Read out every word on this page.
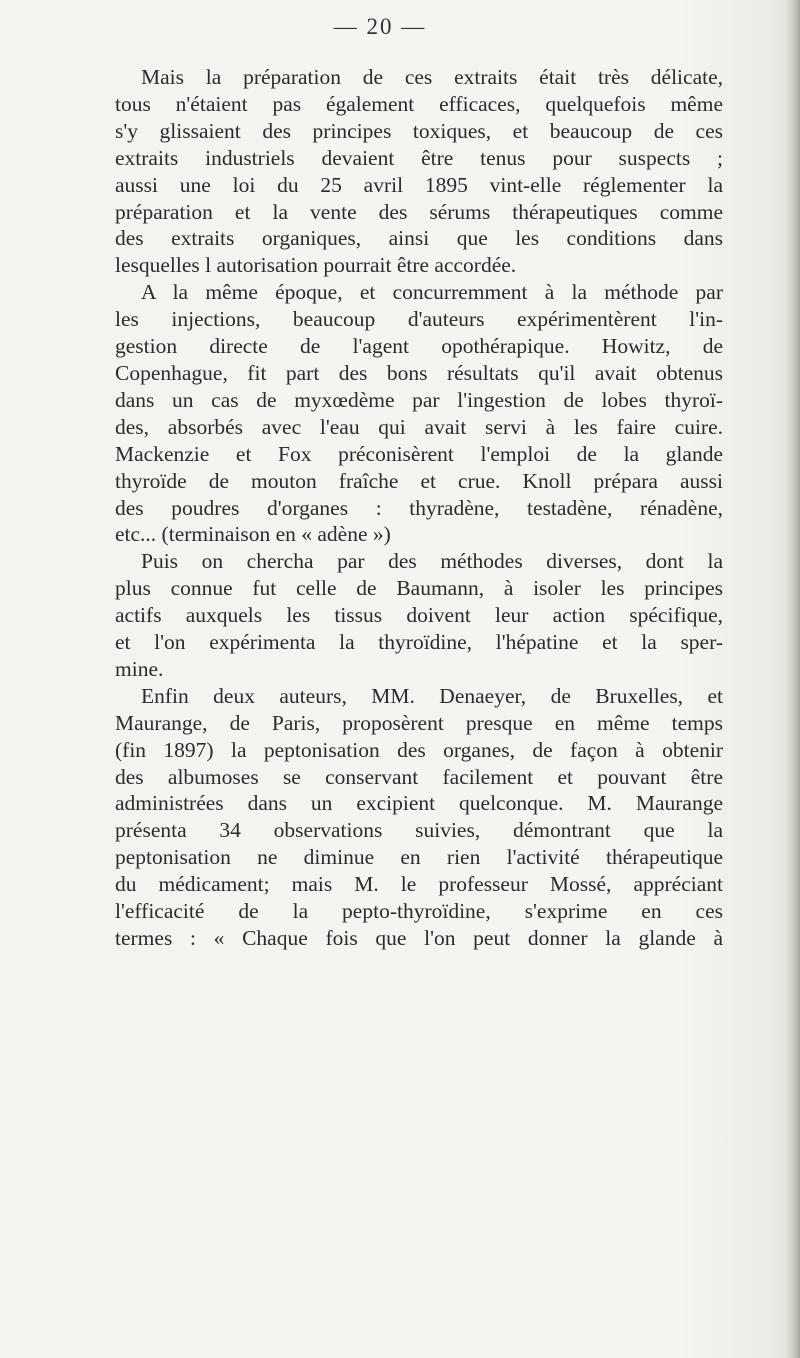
— 20 —
Mais la préparation de ces extraits était très délicate,
tous n'étaient pas également efficaces, quelquefois même
s'y glissaient des principes toxiques, et beaucoup de ces
extraits industriels devaient être tenus pour suspects ;
aussi une loi du 25 avril 1895 vint-elle réglementer la
préparation et la vente des sérums thérapeutiques comme
des extraits organiques, ainsi que les conditions dans
lesquelles l autorisation pourrait être accordée.
A la même époque, et concurremment à la méthode par
les injections, beaucoup d'auteurs expérimentèrent l'in-
gestion directe de l'agent opothérapique. Howitz, de
Copenhague, fit part des bons résultats qu'il avait obtenus
dans un cas de myxœdème par l'ingestion de lobes thyroï-
des, absorbés avec l'eau qui avait servi à les faire cuire.
Mackenzie et Fox préconisèrent l'emploi de la glande
thyroïde de mouton fraîche et crue. Knoll prépara aussi
des poudres d'organes : thyradène, testadène, rénadène,
etc... (terminaison en « adène »)
Puis on chercha par des méthodes diverses, dont la
plus connue fut celle de Baumann, à isoler les principes
actifs auxquels les tissus doivent leur action spécifique,
et l'on expérimenta la thyroïdine, l'hépatine et la sper-
mine.
Enfin deux auteurs, MM. Denaeyer, de Bruxelles, et
Maurange, de Paris, proposèrent presque en même temps
(fin 1897) la peptonisation des organes, de façon à obtenir
des albumoses se conservant facilement et pouvant être
administrées dans un excipient quelconque. M. Maurange
présenta 34 observations suivies, démontrant que la
peptonisation ne diminue en rien l'activité thérapeutique
du médicament; mais M. le professeur Mossé, appréciant
l'efficacité de la pepto-thyroïdine, s'exprime en ces
termes : « Chaque fois que l'on peut donner la glande à
